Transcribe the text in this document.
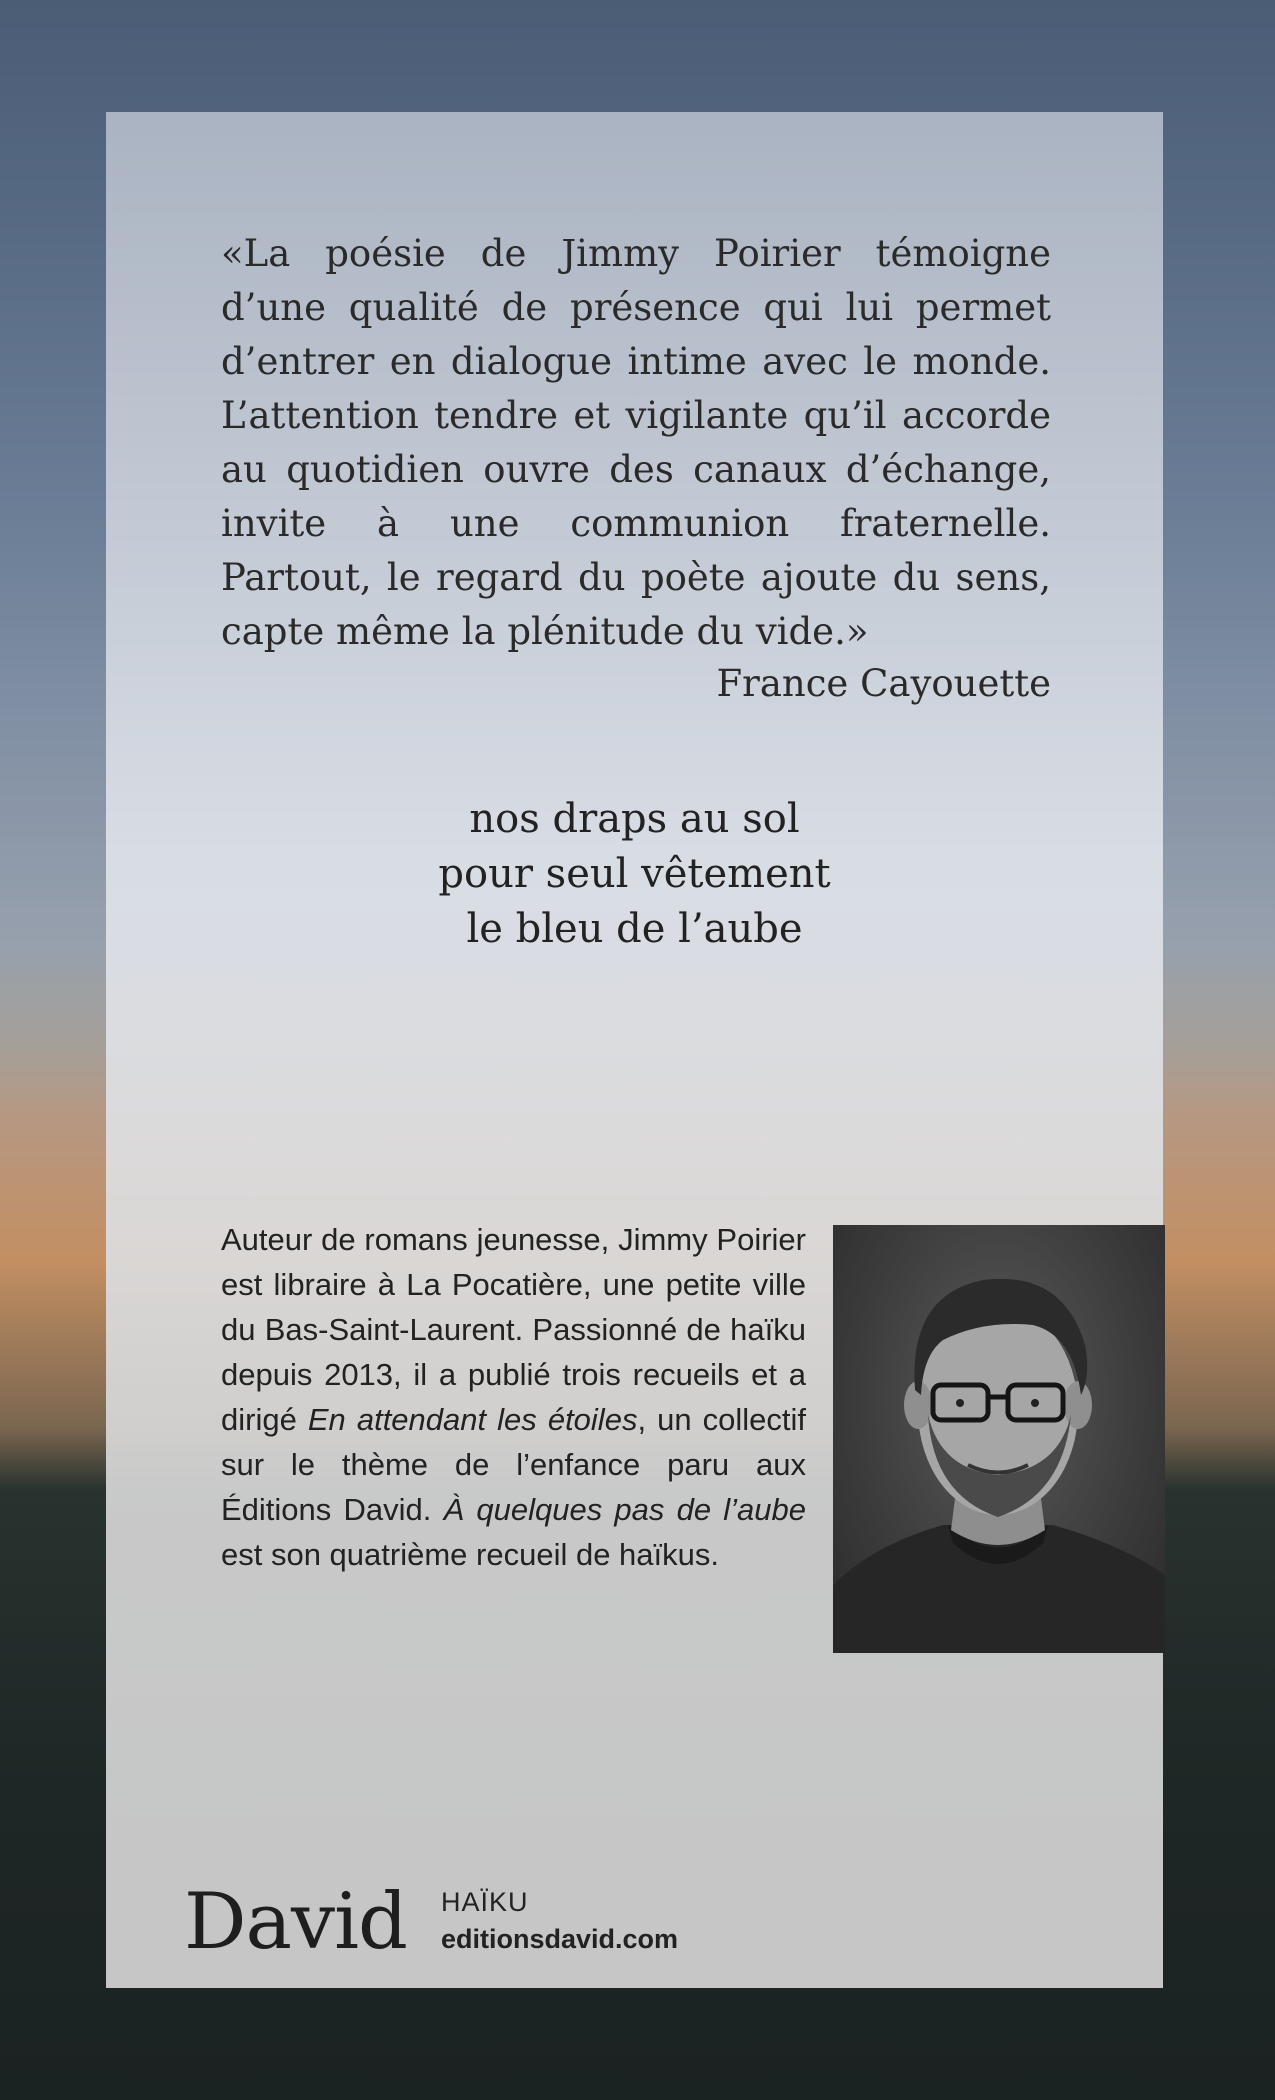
«La poésie de Jimmy Poirier témoigne d’une qualité de présence qui lui permet d’entrer en dialogue intime avec le monde. L’attention tendre et vigilante qu’il accorde au quotidien ouvre des canaux d’échange, invite à une communion fraternelle. Partout, le regard du poète ajoute du sens, capte même la plénitude du vide.»

France Cayouette
nos draps au sol
pour seul vêtement
le bleu de l’aube

Auteur de romans jeunesse, Jimmy Poirier est libraire à La Pocatière, une petite ville du Bas-Saint-Laurent. Passionné de haïku depuis 2013, il a publié trois recueils et a dirigé En attendant les étoiles, un collectif sur le thème de l’enfance paru aux Éditions David. À quelques pas de l’aube est son quatrième recueil de haïkus.

David HAÏKU
editionsdavid.com
